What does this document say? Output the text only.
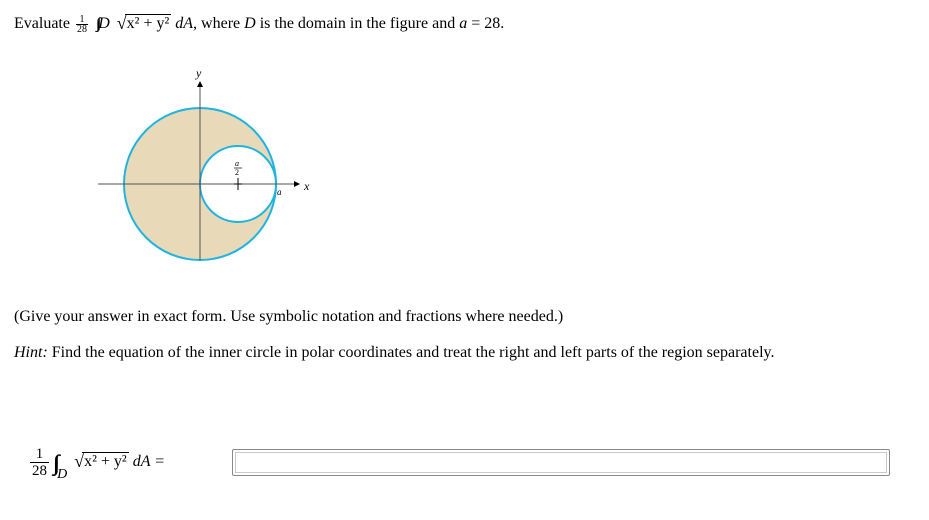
Evaluate $\frac{1}{28} \int\int D$ √x² + y² dA, where D is the domain in the figure and a = 28.
y
x
a
a
2
(Give your answer in exact form. Use symbolic notation and fractions where needed.)
Hint: Find the equation of the inner circle in polar coordinates and treat the right and left parts of the region separately.
$\frac{1}{28} \int\int D$ √x² + y² dA =
